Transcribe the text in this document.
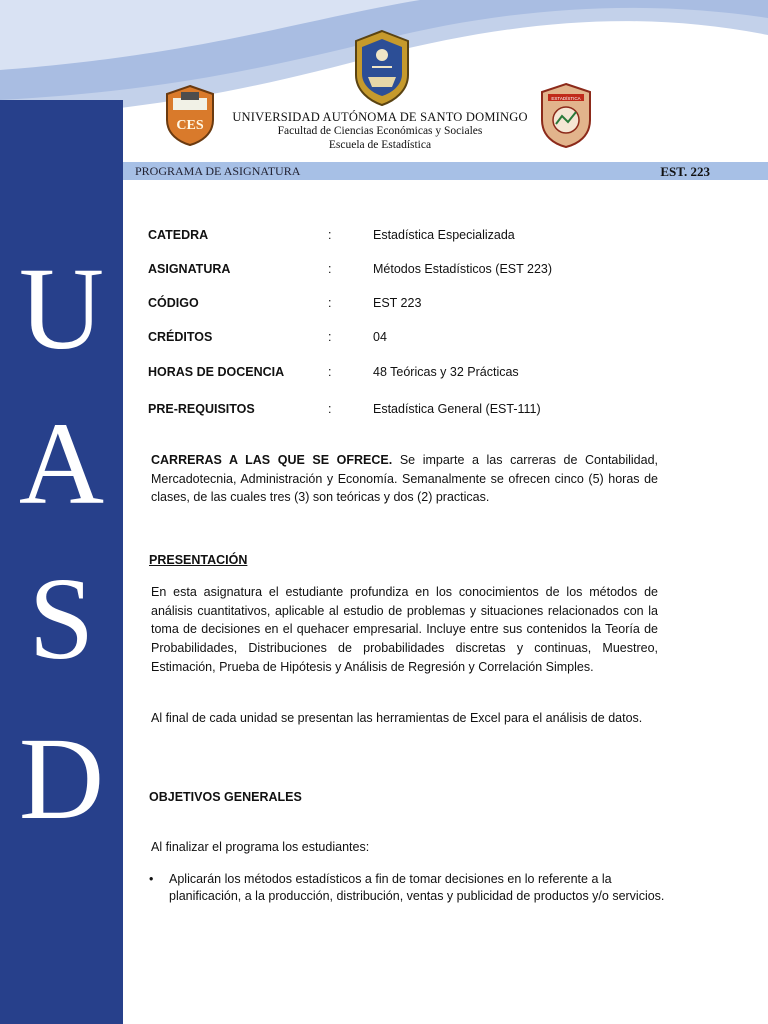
U
A
S
D
CES
ESTADÍSTICA
UNIVERSIDAD AUTÓNOMA DE SANTO DOMINGO
Facultad de Ciencias Económicas y Sociales
Escuela de Estadística
PROGRAMA DE ASIGNATURA	EST. 223
CATEDRA	:	Estadística Especializada
ASIGNATURA	:	Métodos Estadísticos (EST 223)
CÓDIGO	:	EST 223
CRÉDITOS	:	04
HORAS DE DOCENCIA	:	48 Teóricas y 32 Prácticas
PRE-REQUISITOS	:	Estadística General (EST-111)
CARRERAS A LAS QUE SE OFRECE. Se imparte a las carreras de Contabilidad, Mercadotecnia, Administración y Economía. Semanalmente se ofrecen cinco (5) horas de clases, de las cuales tres (3) son teóricas y dos (2) practicas.
PRESENTACIÓN
En esta asignatura el estudiante profundiza en los conocimientos de los métodos de análisis cuantitativos, aplicable al estudio de problemas y situaciones relacionados con la toma de decisiones en el quehacer empresarial. Incluye entre sus contenidos la Teoría de Probabilidades, Distribuciones de probabilidades discretas y continuas, Muestreo, Estimación, Prueba de Hipótesis y Análisis de Regresión y Correlación Simples.
Al final de cada unidad se presentan las herramientas de Excel para el análisis de datos.
OBJETIVOS GENERALES
Al finalizar el programa los estudiantes:
• Aplicarán los métodos estadísticos a fin de tomar decisiones en lo referente a la planificación, a la producción, distribución, ventas y publicidad de productos y/o servicios.
